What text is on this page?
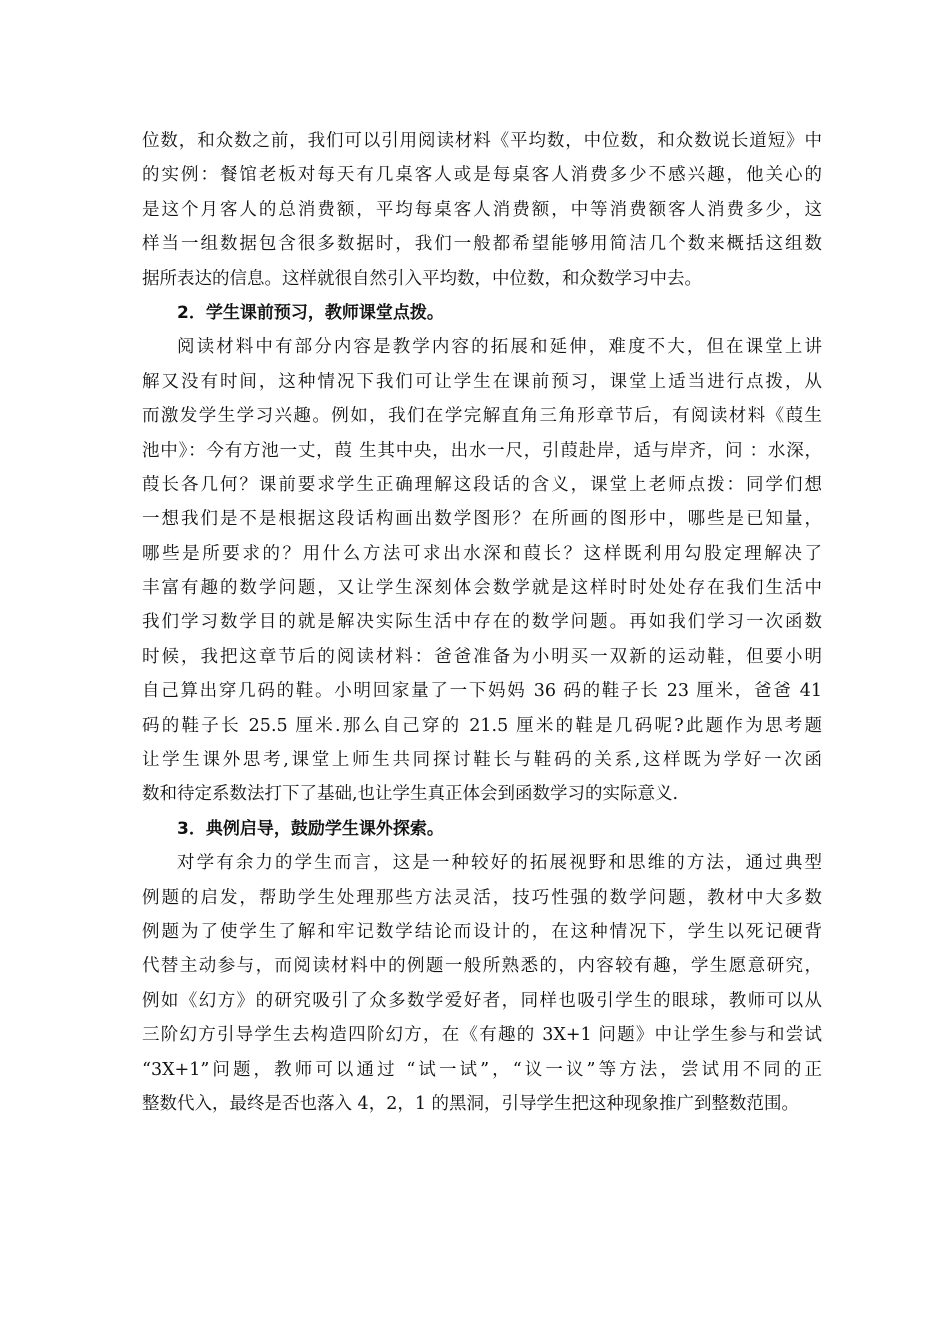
位数，和众数之前，我们可以引用阅读材料《平均数，中位数，和众数说长道短》中
的实例：餐馆老板对每天有几桌客人或是每桌客人消费多少不感兴趣，他关心的
是这个月客人的总消费额，平均每桌客人消费额，中等消费额客人消费多少，这
样当一组数据包含很多数据时，我们一般都希望能够用简洁几个数来概括这组数
据所表达的信息。这样就很自然引入平均数，中位数，和众数学习中去。
2．学生课前预习，教师课堂点拨。
阅读材料中有部分内容是教学内容的拓展和延伸，难度不大，但在课堂上讲
解又没有时间，这种情况下我们可让学生在课前预习，课堂上适当进行点拨，从
而激发学生学习兴趣。例如，我们在学完解直角三角形章节后，有阅读材料《葭生
池中》：今有方池一丈，葭 生其中央，出水一尺，引葭赴岸，适与岸齐，问 ：水深，
葭长各几何？课前要求学生正确理解这段话的含义，课堂上老师点拨：同学们想
一想我们是不是根据这段话构画出数学图形？在所画的图形中，哪些是已知量，
哪些是所要求的？用什么方法可求出水深和葭长？这样既利用勾股定理解决了
丰富有趣的数学问题，又让学生深刻体会数学就是这样时时处处存在我们生活中
我们学习数学目的就是解决实际生活中存在的数学问题。再如我们学习一次函数
时候，我把这章节后的阅读材料：爸爸准备为小明买一双新的运动鞋，但要小明
自己算出穿几码的鞋。小明回家量了一下妈妈 36 码的鞋子长 23 厘米，爸爸 41
码的鞋子长 25.5 厘米.那么自己穿的 21.5 厘米的鞋是几码呢?此题作为思考题
让学生课外思考,课堂上师生共同探讨鞋长与鞋码的关系,这样既为学好一次函
数和待定系数法打下了基础,也让学生真正体会到函数学习的实际意义.
3．典例启导，鼓励学生课外探索。
对学有余力的学生而言，这是一种较好的拓展视野和思维的方法，通过典型
例题的启发，帮助学生处理那些方法灵活，技巧性强的数学问题，教材中大多数
例题为了使学生了解和牢记数学结论而设计的，在这种情况下，学生以死记硬背
代替主动参与，而阅读材料中的例题一般所熟悉的，内容较有趣，学生愿意研究，
例如《幻方》的研究吸引了众多数学爱好者，同样也吸引学生的眼球，教师可以从
三阶幻方引导学生去构造四阶幻方，在《有趣的 3X+1 问题》中让学生参与和尝试
“3X+1”问题，教师可以通过 “试一试”，“议一议”等方法，尝试用不同的正
整数代入，最终是否也落入 4，2，1 的黑洞，引导学生把这种现象推广到整数范围。
